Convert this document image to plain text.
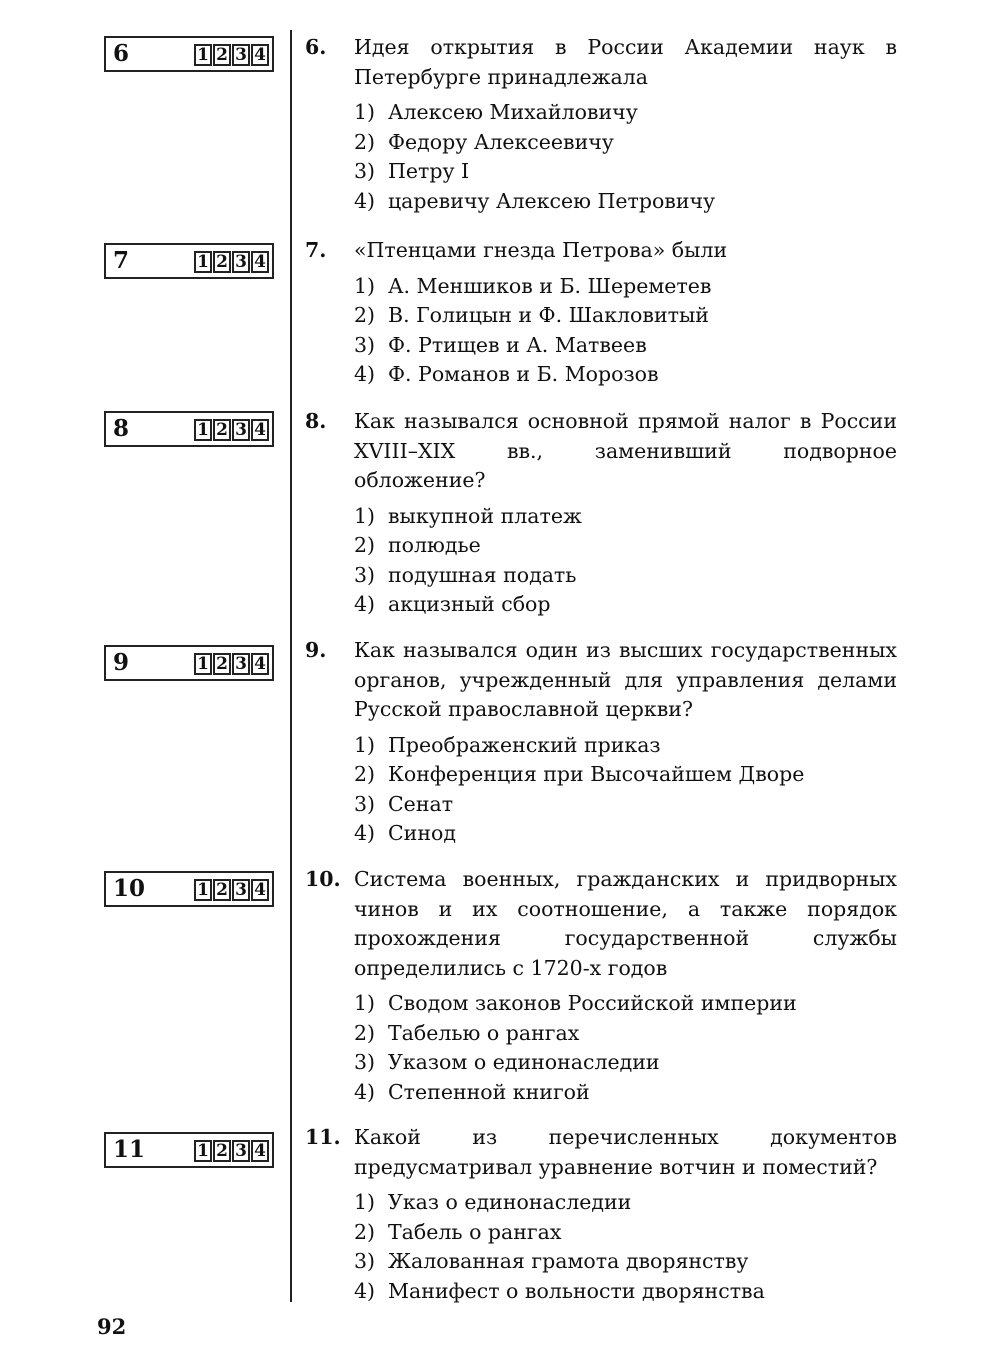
6	1 2 3 4
7	1 2 3 4
8	1 2 3 4
9	1 2 3 4
10	1 2 3 4
11	1 2 3 4
6. Идея открытия в России Академии наук в Петербурге принадлежала
1) Алексею Михайловичу
2) Федору Алексеевичу
3) Петру I
4) царевичу Алексею Петровичу
7. «Птенцами гнезда Петрова» были
1) А. Меншиков и Б. Шереметев
2) В. Голицын и Ф. Шакловитый
3) Ф. Ртищев и А. Матвеев
4) Ф. Романов и Б. Морозов
8. Как назывался основной прямой налог в России XVIII–XIX вв., заменивший подворное обложение?
1) выкупной платеж
2) полюдье
3) подушная подать
4) акцизный сбор
9. Как назывался один из высших государственных органов, учрежденный для управления делами Русской православной церкви?
1) Преображенский приказ
2) Конференция при Высочайшем Дворе
3) Сенат
4) Синод
10. Система военных, гражданских и придворных чинов и их соотношение, а также порядок прохождения государственной службы определились с 1720-х годов
1) Сводом законов Российской империи
2) Табелью о рангах
3) Указом о единонаследии
4) Степенной книгой
11. Какой из перечисленных документов предусматривал уравнение вотчин и поместий?
1) Указ о единонаследии
2) Табель о рангах
3) Жалованная грамота дворянству
4) Манифест о вольности дворянства
92
